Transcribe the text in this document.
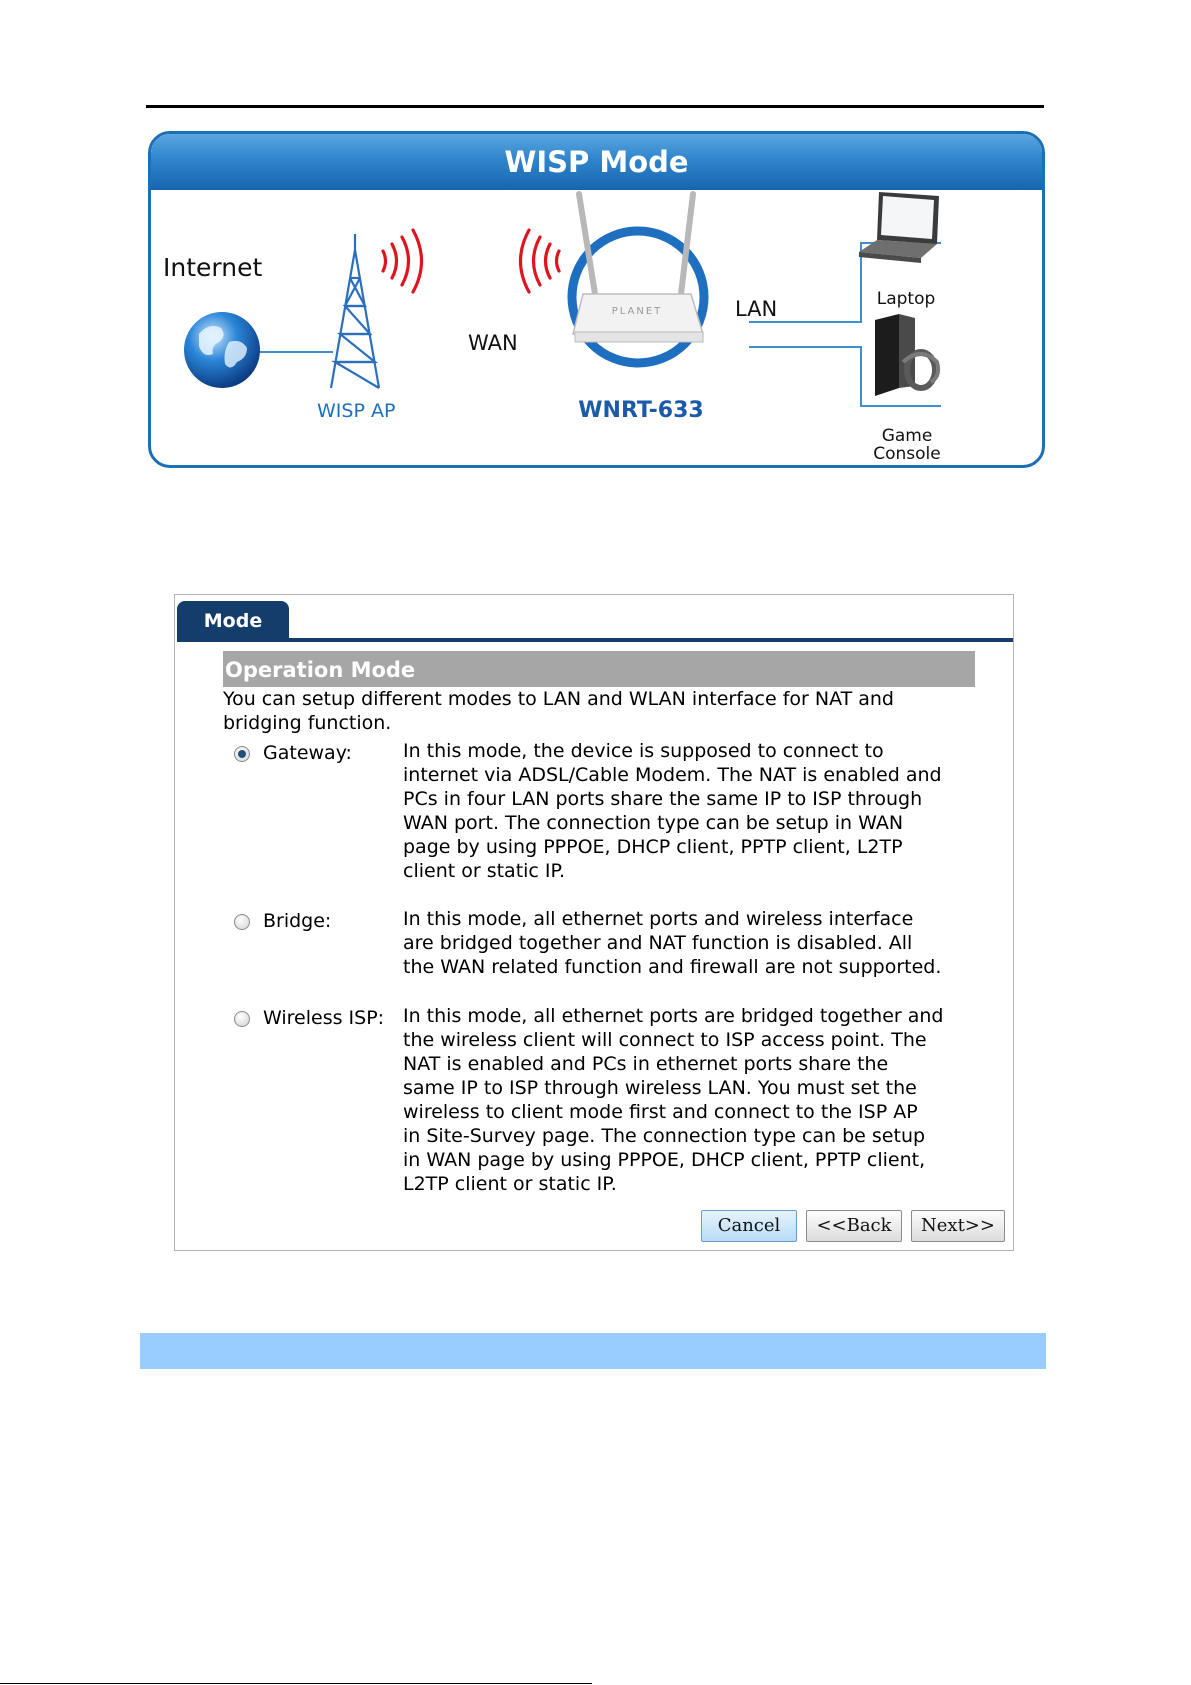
WISP Mode
PLANET
Internet
WISP AP
WAN
LAN
WNRT-633
Laptop
Game
Console
Mode
Operation Mode
You can setup different modes to LAN and WLAN interface for NAT and
bridging function.
Gateway:	In this mode, the device is supposed to connect to
internet via ADSL/Cable Modem. The NAT is enabled and
PCs in four LAN ports share the same IP to ISP through
WAN port. The connection type can be setup in WAN
page by using PPPOE, DHCP client, PPTP client, L2TP
client or static IP.
Bridge:	In this mode, all ethernet ports and wireless interface
are bridged together and NAT function is disabled. All
the WAN related function and firewall are not supported.
Wireless ISP: In this mode, all ethernet ports are bridged together and
the wireless client will connect to ISP access point. The
NAT is enabled and PCs in ethernet ports share the
same IP to ISP through wireless LAN. You must set the
wireless to client mode first and connect to the ISP AP
in Site-Survey page. The connection type can be setup
in WAN page by using PPPOE, DHCP client, PPTP client,
L2TP client or static IP.
Cancel	<<Back	Next>>
